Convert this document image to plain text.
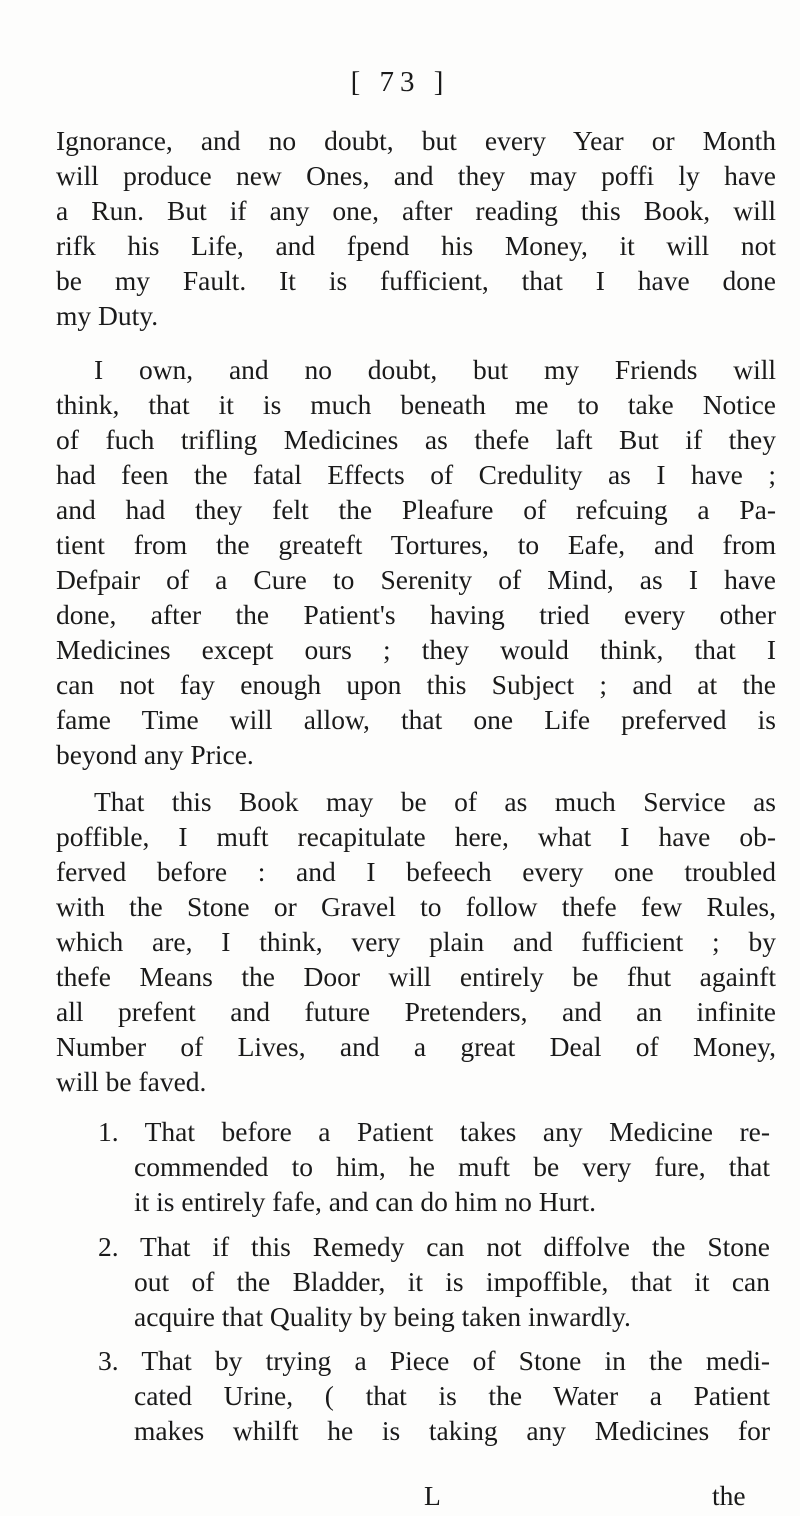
[ 73 ]
Ignorance, and no doubt, but every Year or Month
will produce new Ones, and they may poffi ly have
a Run. But if any one, after reading this Book, will
rifk his Life, and fpend his Money, it will not
be my Fault. It is fufficient, that I have done
my Duty.
I own, and no doubt, but my Friends will
think, that it is much beneath me to take Notice
of fuch trifling Medicines as thefe laft But if they
had feen the fatal Effects of Credulity as I have ;
and had they felt the Pleafure of refcuing a Pa-
tient from the greateft Tortures, to Eafe, and from
Defpair of a Cure to Serenity of Mind, as I have
done, after the Patient's having tried every other
Medicines except ours ; they would think, that I
can not fay enough upon this Subject ; and at the
fame Time will allow, that one Life preferved is
beyond any Price.
That this Book may be of as much Service as
poffible, I muft recapitulate here, what I have ob-
ferved before : and I befeech every one troubled
with the Stone or Gravel to follow thefe few Rules,
which are, I think, very plain and fufficient ; by
thefe Means the Door will entirely be fhut againft
all prefent and future Pretenders, and an infinite
Number of Lives, and a great Deal of Money,
will be faved.
1. That before a Patient takes any Medicine re-
commended to him, he muft be very fure, that
it is entirely fafe, and can do him no Hurt.
2. That if this Remedy can not diffolve the Stone
out of the Bladder, it is impoffible, that it can
acquire that Quality by being taken inwardly.
3. That by trying a Piece of Stone in the medi-
cated Urine, ( that is the Water a Patient
makes whilft he is taking any Medicines for
L	the
